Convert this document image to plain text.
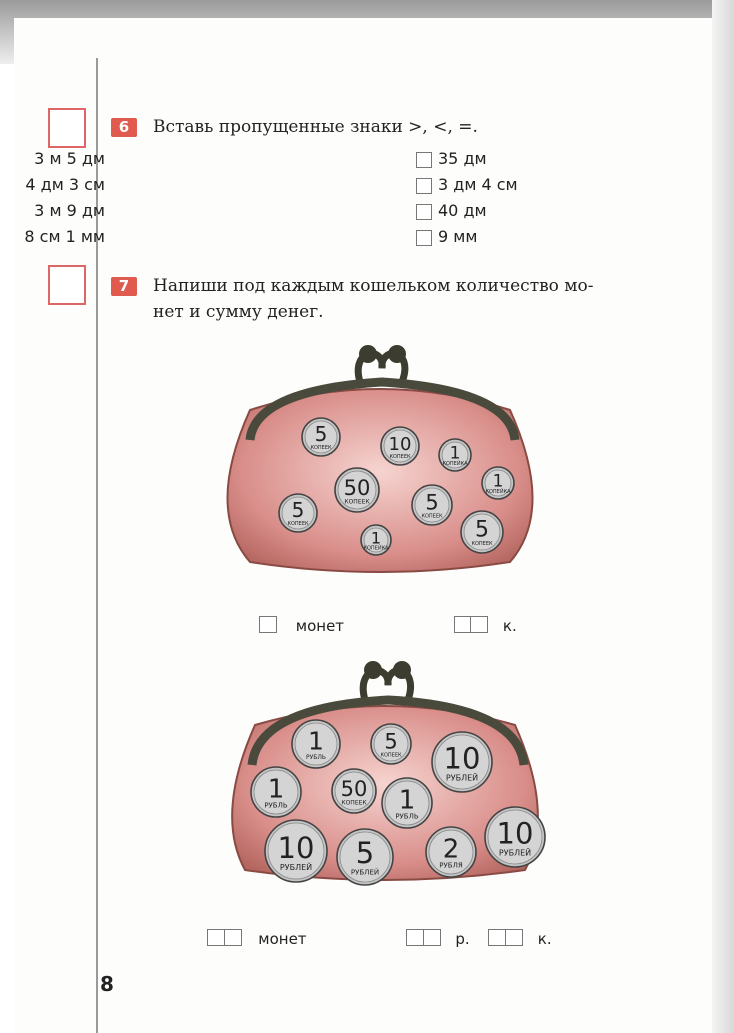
6	Вставь пропущенные знаки >, <, =.
3 м 5 дм	35 дм
4 дм 3 см	3 дм 4 см
3 м 9 дм	40 дм
8 см 1 мм	9 мм
7	Напиши под каждым кошельком количество мо-
нет и сумму денег.
5
КОПЕЕК	10
КОПЕЕК 1
КОПЕЙКА
50
КОПЕЕК
1
КОПЕЙКА
5
КОПЕЕК
5
КОПЕЕК
5
КОПЕЕК
1
КОПЕЙКА
монет	к.
1
РУБЛЬ
5
КОПЕЕК 10
РУБЛЕЙ
1
РУБЛЬ
50
КОПЕЕК 1
РУБЛЬ
10
РУБЛЕЙ 5
РУБЛЕЙ
2
РУБЛЯ
10
РУБЛЕЙ
монет	р.	к.
8
